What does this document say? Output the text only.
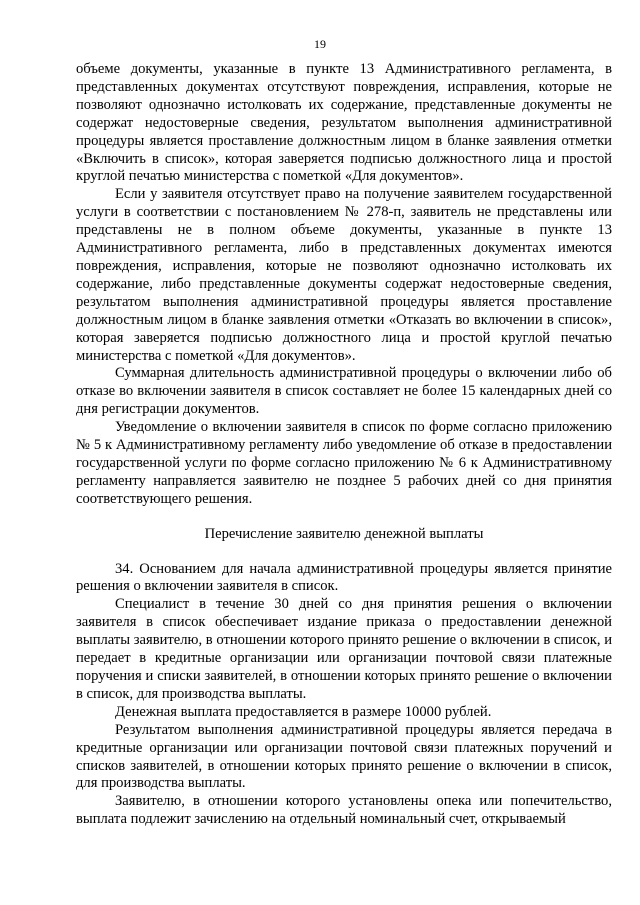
19

объеме документы, указанные в пункте 13 Административного регламента, в представленных документах отсутствуют повреждения, исправления, которые не позволяют однозначно истолковать их содержание, представленные документы не содержат недостоверные сведения, результатом выполнения административной процедуры является проставление должностным лицом в бланке заявления отметки «Включить в список», которая заверяется подписью должностного лица и простой круглой печатью министерства с пометкой «Для документов».

Если у заявителя отсутствует право на получение заявителем государственной услуги в соответствии с постановлением № 278-п, заявитель не представлены или представлены не в полном объеме документы, указанные в пункте 13 Административного регламента, либо в представленных документах имеются повреждения, исправления, которые не позволяют однозначно истолковать их содержание, либо представленные документы содержат недостоверные сведения, результатом выполнения административной процедуры является проставление должностным лицом в бланке заявления отметки «Отказать во включении в список», которая заверяется подписью должностного лица и простой круглой печатью министерства с пометкой «Для документов».

Суммарная длительность административной процедуры о включении либо об отказе во включении заявителя в список составляет не более 15 календарных дней со дня регистрации документов.

Уведомление о включении заявителя в список по форме согласно приложению № 5 к Административному регламенту либо уведомление об отказе в предоставлении государственной услуги по форме согласно приложению № 6 к Административному регламенту направляется заявителю не позднее 5 рабочих дней со дня принятия соответствующего решения.

Перечисление заявителю денежной выплаты

34. Основанием для начала административной процедуры является принятие решения о включении заявителя в список.

Специалист в течение 30 дней со дня принятия решения о включении заявителя в список обеспечивает издание приказа о предоставлении денежной выплаты заявителю, в отношении которого принято решение о включении в список, и передает в кредитные организации или организации почтовой связи платежные поручения и списки заявителей, в отношении которых принято решение о включении в список, для производства выплаты.

Денежная выплата предоставляется в размере 10000 рублей.

Результатом выполнения административной процедуры является передача в кредитные организации или организации почтовой связи платежных поручений и списков заявителей, в отношении которых принято решение о включении в список, для производства выплаты.

Заявителю, в отношении которого установлены опека или попечительство, выплата подлежит зачислению на отдельный номинальный счет, открываемый
